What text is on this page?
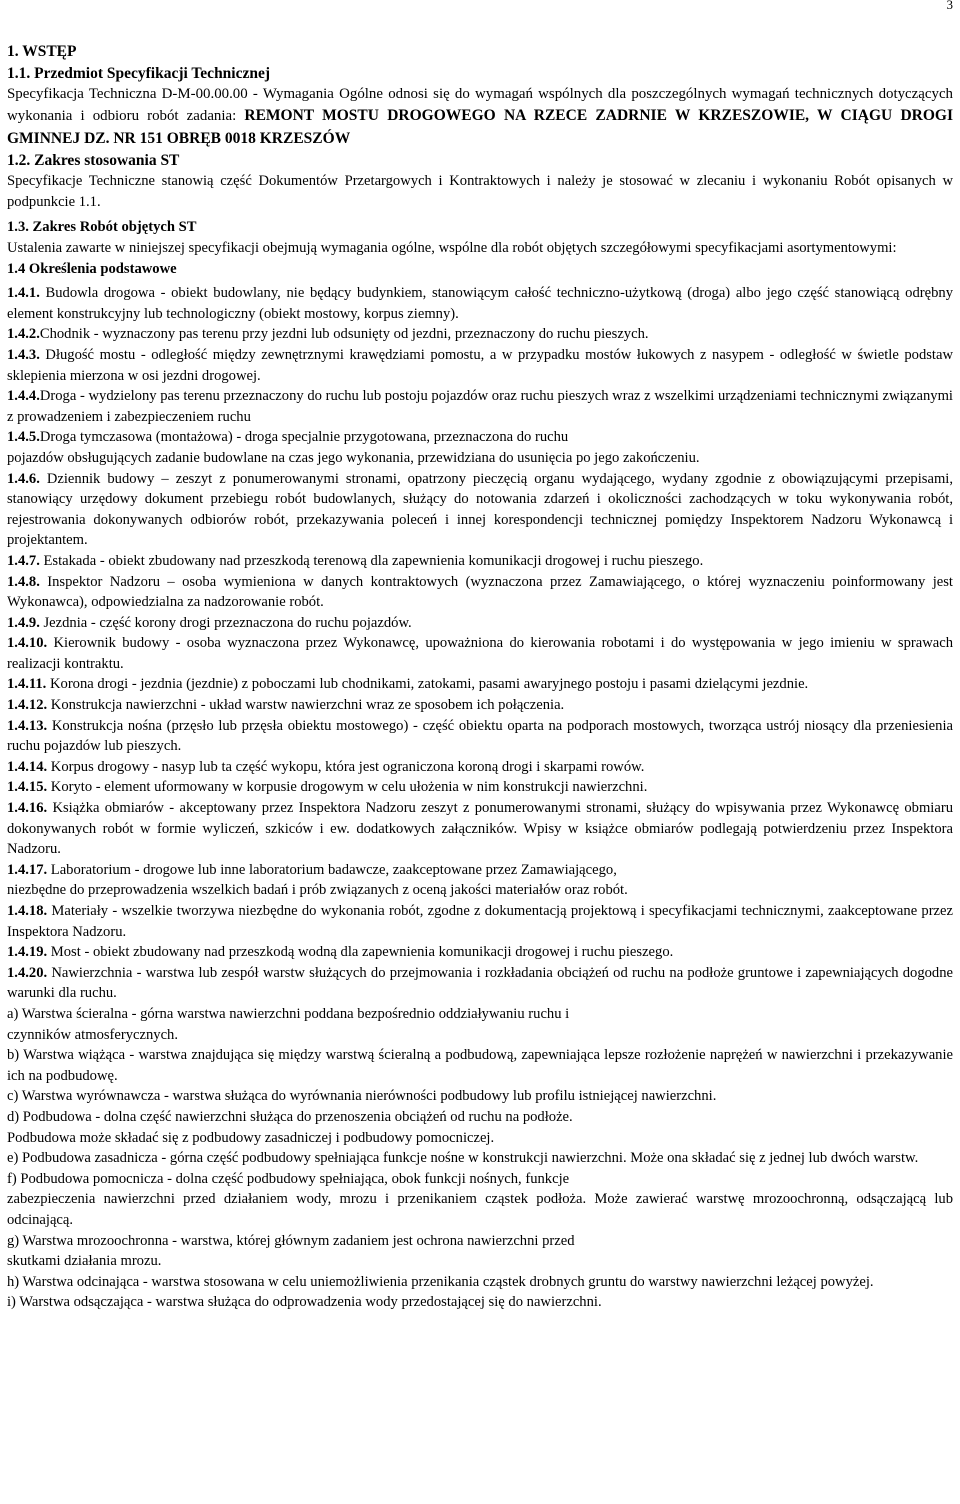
3

1. WSTĘP

1.1. Przedmiot Specyfikacji Technicznej

Specyfikacja Techniczna D-M-00.00.00 - Wymagania Ogólne odnosi się do wymagań wspólnych dla poszczególnych wymagań technicznych dotyczących wykonania i odbioru robót zadania: REMONT MOSTU DROGOWEGO NA RZECE ZADRNIE W KRZESZOWIE, W CIĄGU DROGI GMINNEJ DZ. NR 151 OBRĘB 0018 KRZESZÓW

1.2. Zakres stosowania ST

Specyfikacje Techniczne stanowią część Dokumentów Przetargowych i Kontraktowych i należy je stosować w zlecaniu i wykonaniu Robót opisanych w podpunkcie 1.1.

1.3. Zakres Robót objętych ST

Ustalenia zawarte w niniejszej specyfikacji obejmują wymagania ogólne, wspólne dla robót objętych szczegółowymi specyfikacjami asortymentowymi:

1.4 Określenia podstawowe

1.4.1. Budowla drogowa - obiekt budowlany, nie będący budynkiem, stanowiącym całość techniczno-użytkową (droga) albo jego część stanowiącą odrębny element konstrukcyjny lub technologiczny (obiekt mostowy, korpus ziemny).

1.4.2.Chodnik - wyznaczony pas terenu przy jezdni lub odsunięty od jezdni, przeznaczony do ruchu pieszych.

1.4.3. Długość mostu - odległość między zewnętrznymi krawędziami pomostu, a w przypadku mostów łukowych z nasypem - odległość w świetle podstaw sklepienia mierzona w osi jezdni drogowej.

1.4.4.Droga - wydzielony pas terenu przeznaczony do ruchu lub postoju pojazdów oraz ruchu pieszych wraz z wszelkimi urządzeniami technicznymi związanymi z prowadzeniem i zabezpieczeniem ruchu

1.4.5.Droga tymczasowa (montażowa) - droga specjalnie przygotowana, przeznaczona do ruchu

pojazdów obsługujących zadanie budowlane na czas jego wykonania, przewidziana do usunięcia po jego zakończeniu.

1.4.6. Dziennik budowy – zeszyt z ponumerowanymi stronami, opatrzony pieczęcią organu wydającego, wydany zgodnie z obowiązującymi przepisami, stanowiący urzędowy dokument przebiegu robót budowlanych, służący do notowania zdarzeń i okoliczności zachodzących w toku wykonywania robót, rejestrowania dokonywanych odbiorów robót, przekazywania poleceń i innej korespondencji technicznej pomiędzy Inspektorem Nadzoru Wykonawcą i projektantem.

1.4.7. Estakada - obiekt zbudowany nad przeszkodą terenową dla zapewnienia komunikacji drogowej i ruchu pieszego.

1.4.8. Inspektor Nadzoru – osoba wymieniona w danych kontraktowych (wyznaczona przez Zamawiającego, o której wyznaczeniu poinformowany jest Wykonawca), odpowiedzialna za nadzorowanie robót.

1.4.9. Jezdnia - część korony drogi przeznaczona do ruchu pojazdów.

1.4.10. Kierownik budowy - osoba wyznaczona przez Wykonawcę, upoważniona do kierowania robotami i do występowania w jego imieniu w sprawach realizacji kontraktu.

1.4.11. Korona drogi - jezdnia (jezdnie) z poboczami lub chodnikami, zatokami, pasami awaryjnego postoju i pasami dzielącymi jezdnie.

1.4.12. Konstrukcja nawierzchni - układ warstw nawierzchni wraz ze sposobem ich połączenia.

1.4.13. Konstrukcja nośna (przęsło lub przęsła obiektu mostowego) - część obiektu oparta na podporach mostowych, tworząca ustrój niosący dla przeniesienia ruchu pojazdów lub pieszych.

1.4.14. Korpus drogowy - nasyp lub ta część wykopu, która jest ograniczona koroną drogi i skarpami rowów.

1.4.15. Koryto - element uformowany w korpusie drogowym w celu ułożenia w nim konstrukcji nawierzchni.

1.4.16. Książka obmiarów - akceptowany przez Inspektora Nadzoru zeszyt z ponumerowanymi stronami, służący do wpisywania przez Wykonawcę obmiaru dokonywanych robót w formie wyliczeń, szkiców i ew. dodatkowych załączników. Wpisy w książce obmiarów podlegają potwierdzeniu przez Inspektora Nadzoru.

1.4.17. Laboratorium - drogowe lub inne laboratorium badawcze, zaakceptowane przez Zamawiającego,

niezbędne do przeprowadzenia wszelkich badań i prób związanych z oceną jakości materiałów oraz robót.

1.4.18. Materiały - wszelkie tworzywa niezbędne do wykonania robót, zgodne z dokumentacją projektową i specyfikacjami technicznymi, zaakceptowane przez Inspektora Nadzoru.

1.4.19. Most - obiekt zbudowany nad przeszkodą wodną dla zapewnienia komunikacji drogowej i ruchu pieszego.

1.4.20. Nawierzchnia - warstwa lub zespół warstw służących do przejmowania i rozkładania obciążeń od ruchu na podłoże gruntowe i zapewniających dogodne warunki dla ruchu.

a) Warstwa ścieralna - górna warstwa nawierzchni poddana bezpośrednio oddziaływaniu ruchu i

czynników atmosferycznych.

b) Warstwa wiążąca - warstwa znajdująca się między warstwą ścieralną a podbudową, zapewniająca lepsze rozłożenie naprężeń w nawierzchni i przekazywanie ich na podbudowę.

c) Warstwa wyrównawcza - warstwa służąca do wyrównania nierówności podbudowy lub profilu istniejącej nawierzchni.

d) Podbudowa - dolna część nawierzchni służąca do przenoszenia obciążeń od ruchu na podłoże.

Podbudowa może składać się z podbudowy zasadniczej i podbudowy pomocniczej.

e) Podbudowa zasadnicza - górna część podbudowy spełniająca funkcje nośne w konstrukcji nawierzchni. Może ona składać się z jednej lub dwóch warstw.

f) Podbudowa pomocnicza - dolna część podbudowy spełniająca, obok funkcji nośnych, funkcje

zabezpieczenia nawierzchni przed działaniem wody, mrozu i przenikaniem cząstek podłoża. Może zawierać warstwę mrozoochronną, odsączającą lub odcinającą.

g) Warstwa mrozoochronna - warstwa, której głównym zadaniem jest ochrona nawierzchni przed

skutkami działania mrozu.

h) Warstwa odcinająca - warstwa stosowana w celu uniemożliwienia przenikania cząstek drobnych gruntu do warstwy nawierzchni leżącej powyżej.

i) Warstwa odsączająca - warstwa służąca do odprowadzenia wody przedostającej się do nawierzchni.
